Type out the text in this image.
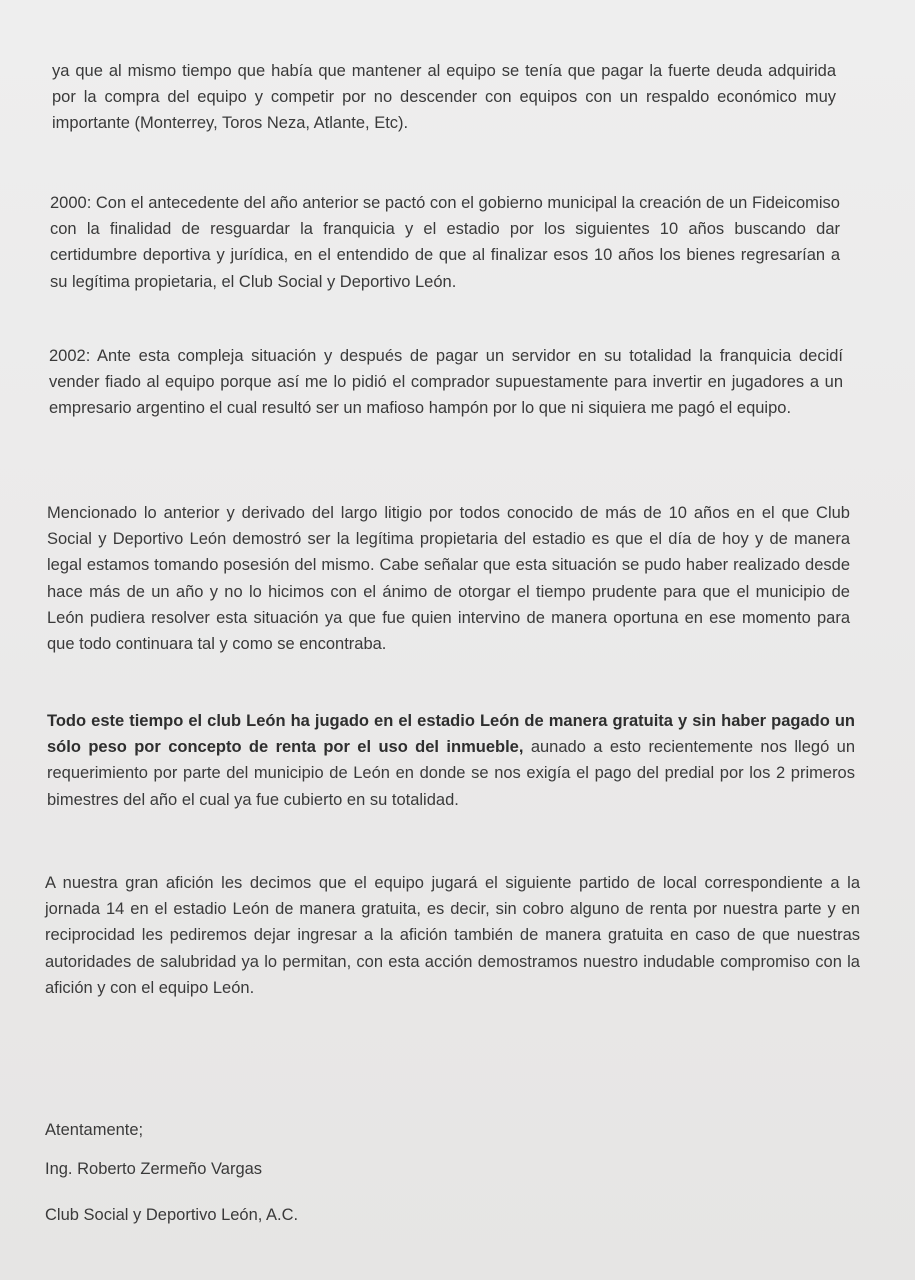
ya que al mismo tiempo que había que mantener al equipo se tenía que pagar la fuerte deuda adquirida por la compra del equipo y competir por no descender con equipos con un respaldo económico muy importante (Monterrey, Toros Neza, Atlante, Etc).

2000: Con el antecedente del año anterior se pactó con el gobierno municipal la creación de un Fideicomiso con la finalidad de resguardar la franquicia y el estadio por los siguientes 10 años buscando dar certidumbre deportiva y jurídica, en el entendido de que al finalizar esos 10 años los bienes regresarían a su legítima propietaria, el Club Social y Deportivo León.

2002: Ante esta compleja situación y después de pagar un servidor en su totalidad la franquicia decidí vender fiado al equipo porque así me lo pidió el comprador supuestamente para invertir en jugadores a un empresario argentino el cual resultó ser un mafioso hampón por lo que ni siquiera me pagó el equipo.

Mencionado lo anterior y derivado del largo litigio por todos conocido de más de 10 años en el que Club Social y Deportivo León demostró ser la legítima propietaria del estadio es que el día de hoy y de manera legal estamos tomando posesión del mismo. Cabe señalar que esta situación se pudo haber realizado desde hace más de un año y no lo hicimos con el ánimo de otorgar el tiempo prudente para que el municipio de León pudiera resolver esta situación ya que fue quien intervino de manera oportuna en ese momento para que todo continuara tal y como se encontraba.

Todo este tiempo el club León ha jugado en el estadio León de manera gratuita y sin haber pagado un sólo peso por concepto de renta por el uso del inmueble, aunado a esto recientemente nos llegó un requerimiento por parte del municipio de León en donde se nos exigía el pago del predial por los 2 primeros bimestres del año el cual ya fue cubierto en su totalidad.

A nuestra gran afición les decimos que el equipo jugará el siguiente partido de local correspondiente a la jornada 14 en el estadio León de manera gratuita, es decir, sin cobro alguno de renta por nuestra parte y en reciprocidad les pediremos dejar ingresar a la afición también de manera gratuita en caso de que nuestras autoridades de salubridad ya lo permitan, con esta acción demostramos nuestro indudable compromiso con la afición y con el equipo León.

Atentamente;

Ing. Roberto Zermeño Vargas

Club Social y Deportivo León, A.C.
